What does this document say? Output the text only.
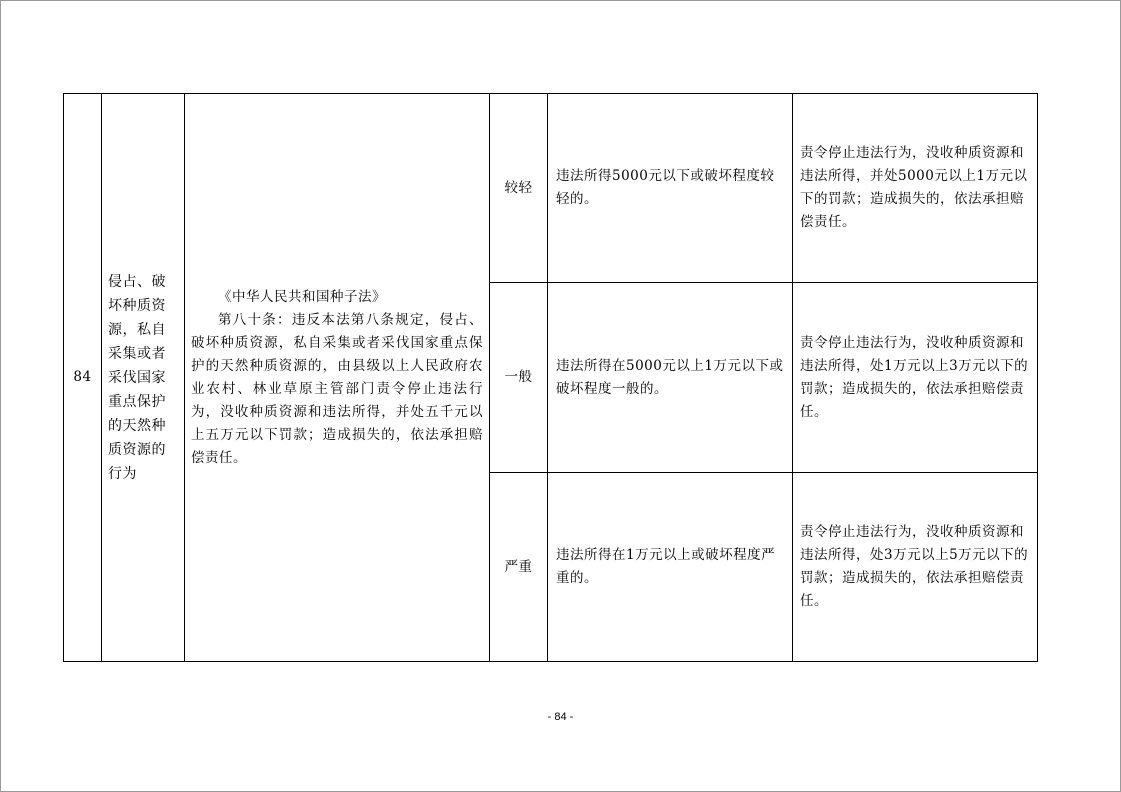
84	侵占、破坏种质资源，私自采集或者采伐国家重点保护的天然种质资源的行为	《中华人民共和国种子法》
第八十条：违反本法第八条规定，侵占、破坏种质资源，私自采集或者采伐国家重点保护的天然种质资源的，由县级以上人民政府农业农村、林业草原主管部门责令停止违法行为，没收种质资源和违法所得，并处五千元以上五万元以下罚款；造成损失的，依法承担赔偿责任。	较轻	违法所得5000元以下或破坏程度较轻的。	责令停止违法行为，没收种质资源和违法所得，并处5000元以上1万元以下的罚款；造成损失的，依法承担赔偿责任。
			一般	违法所得在5000元以上1万元以下或破坏程度一般的。	责令停止违法行为，没收种质资源和违法所得，处1万元以上3万元以下的罚款；造成损失的，依法承担赔偿责任。
			严重	违法所得在1万元以上或破坏程度严重的。	责令停止违法行为，没收种质资源和违法所得，处3万元以上5万元以下的罚款；造成损失的，依法承担赔偿责任。
- 84 -
